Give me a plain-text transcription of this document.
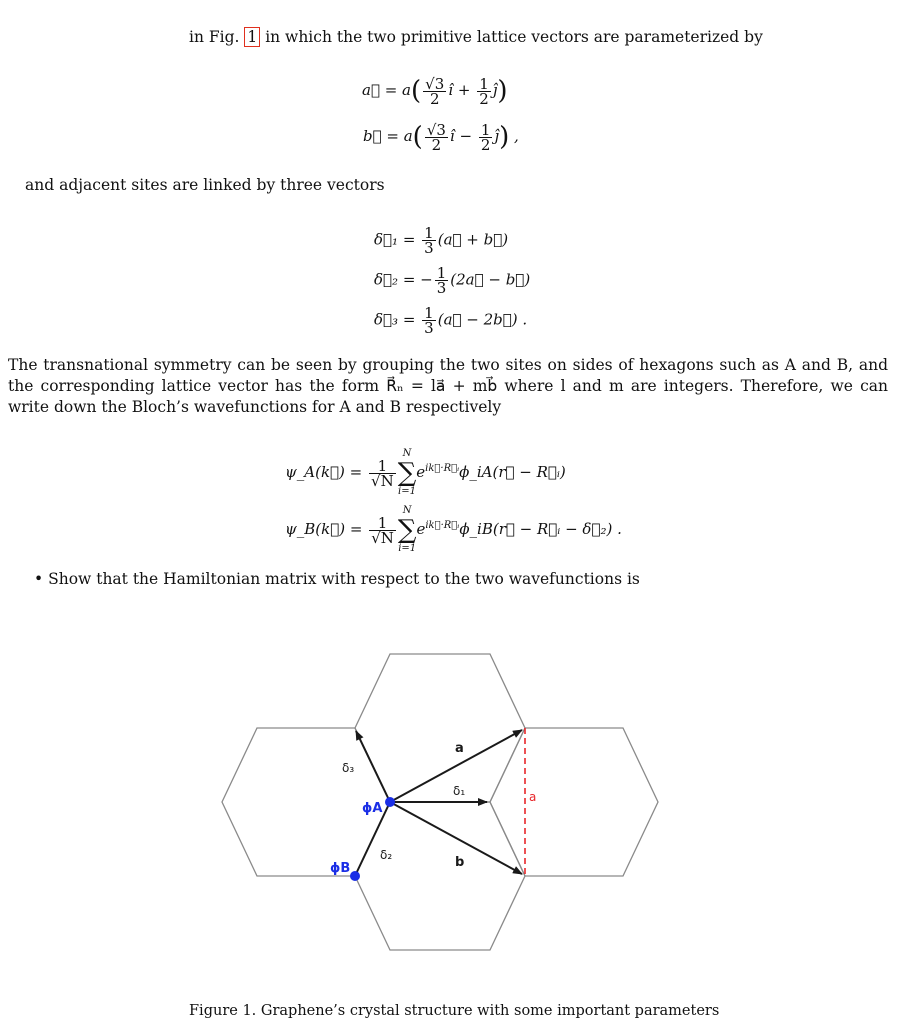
in Fig. 1 in which the two primitive lattice vectors are parameterized by
a⃗ = $a( \frac{√3}{2}$ î + $\frac{1}{2}$ ĵ)
b⃗ = $a( \frac{√3}{2}$ î − $\frac{1}{2}$ ĵ) ,
and adjacent sites are linked by three vectors
δ⃗₁ = $\frac{1}{3}$ (a⃗ + b⃗)
δ⃗₂ = − $\frac{1}{3}$ (2a⃗ − b⃗)
δ⃗₃ = $\frac{1}{3}$ (a⃗ − 2b⃗) .
The transnational symmetry can be seen by grouping the two sites on sides of hexagons such as A and B, and the corresponding lattice vector has the form R⃗ₙ = la⃗ + mb⃗ where l and m are integers. Therefore, we can write down the Bloch’s wavefunctions for A and B respectively
ψ_A(k⃗) = $\frac{1}{√N}$
N
∑
i=1
$e^{ik⃗\cdot R⃗ᵢ}\phi\_iA(r⃗$ − R⃗ᵢ)
ψ_B(k⃗) = $\frac{1}{√N}$
N
∑
i=1
$e^{ik⃗\cdot R⃗ᵢ}\phi\_iB(r⃗$ − R⃗ᵢ − δ⃗₂) .
• Show that the Hamiltonian matrix with respect to the two wavefunctions is
a
b
δ₁
δ₂
δ₃
ϕA
ϕB
a
Figure 1. Graphene’s crystal structure with some important parameters
